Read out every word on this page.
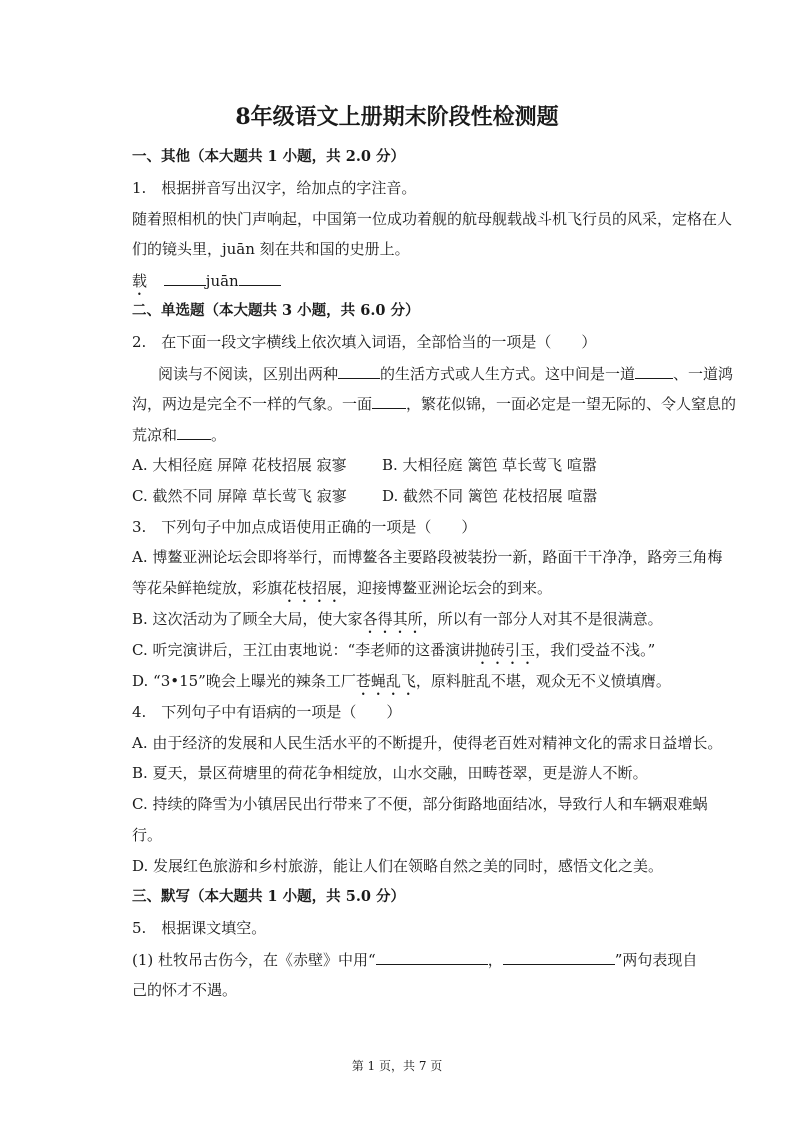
8年级语文上册期末阶段性检测题

一、其他（本大题共 1 小题，共 2.0 分）

1.　根据拼音写出汉字，给加点的字注音。

随着照相机的快门声响起，中国第一位成功着舰的航母舰载战斗机飞行员的风采，定格在人

们的镜头里，juān 刻在共和国的史册上。

载	juān

二、单选题（本大题共 3 小题，共 6.0 分）

2.　在下面一段文字横线上依次填入词语，全部恰当的一项是（　　）

阅读与不阅读，区别出两种	的生活方式或人生方式。这中间是一道	、一道鸿

沟，两边是完全不一样的气象。一面 ，繁花似锦，一面必定是一望无际的、令人窒息的

荒凉和 。

A. 大相径庭 屏障 花枝招展 寂寥 B. 大相径庭 篱笆 草长莺飞 喧嚣

C. 截然不同 屏障 草长莺飞 寂寥 D. 截然不同 篱笆 花枝招展 喧嚣

3.　下列句子中加点成语使用正确的一项是（　　）

A. 博鳌亚洲论坛会即将举行，而博鳌各主要路段被装扮一新，路面干干净净，路旁三角梅

等花朵鲜艳绽放，彩旗花枝招展，迎接博鳌亚洲论坛会的到来。

B. 这次活动为了顾全大局，使大家各得其所，所以有一部分人对其不是很满意。

C. 听完演讲后，王江由衷地说：“李老师的这番演讲抛砖引玉，我们受益不浅。”

D. “3•15”晚会上曝光的辣条工厂苍蝇乱飞，原料脏乱不堪，观众无不义愤填膺。

4.　下列句子中有语病的一项是（　　）

A. 由于经济的发展和人民生活水平的不断提升，使得老百姓对精神文化的需求日益增长。

B. 夏天，景区荷塘里的荷花争相绽放，山水交融，田畴苍翠，更是游人不断。

C. 持续的降雪为小镇居民出行带来了不便，部分街路地面结冰，导致行人和车辆艰难蜗

行。

D. 发展红色旅游和乡村旅游，能让人们在领略自然之美的同时，感悟文化之美。

三、默写（本大题共 1 小题，共 5.0 分）

5.　根据课文填空。

(1) 杜牧吊古伤今，在《赤壁》中用“	，	”两句表现自

己的怀才不遇。

第 1 页，共 7 页
